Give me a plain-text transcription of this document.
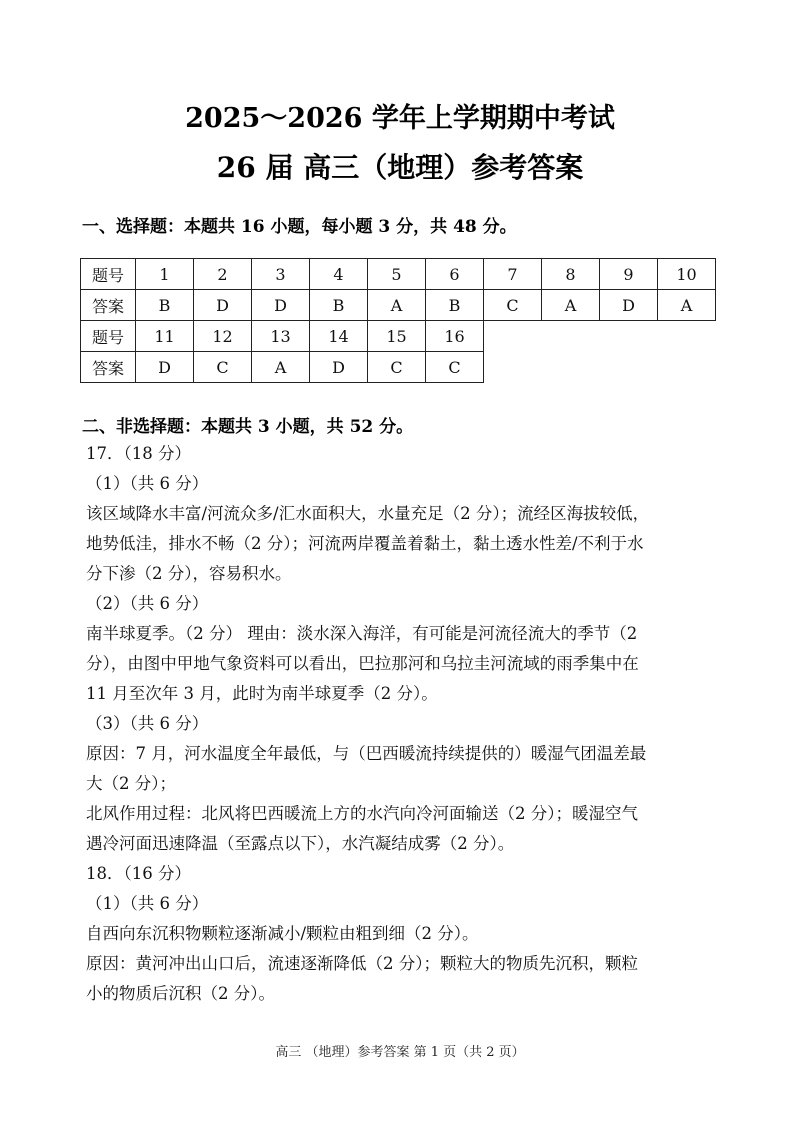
2025～2026 学年上学期期中考试
26 届 高三（地理）参考答案
一、选择题：本题共 16 小题，每小题 3 分，共 48 分。
题号	1	2	3	4	5	6	7	8	9	10
答案	B	D	D	B	A	B	C	A	D	A
题号	11	12	13	14	15	16
答案	D	C	A	D	C	C
二、非选择题：本题共 3 小题，共 52 分。
17．（18 分）
（1）（共 6 分）
该区域降水丰富/河流众多/汇水面积大，水量充足（2 分）；流经区海拔较低，
地势低洼，排水不畅（2 分）；河流两岸覆盖着黏土，黏土透水性差/不利于水
分下渗（2 分），容易积水。
（2）（共 6 分）
南半球夏季。（2 分） 理由：淡水深入海洋，有可能是河流径流大的季节（2
分），由图中甲地气象资料可以看出，巴拉那河和乌拉圭河流域的雨季集中在
11 月至次年 3 月，此时为南半球夏季（2 分）。
（3）（共 6 分）
原因：7 月，河水温度全年最低，与（巴西暖流持续提供的）暖湿气团温差最
大（2 分）；
北风作用过程：北风将巴西暖流上方的水汽向冷河面输送（2 分）；暖湿空气
遇冷河面迅速降温（至露点以下），水汽凝结成雾（2 分）。
18．（16 分）
（1）（共 6 分）
自西向东沉积物颗粒逐渐减小/颗粒由粗到细（2 分）。
原因：黄河冲出山口后，流速逐渐降低（2 分）；颗粒大的物质先沉积，颗粒
小的物质后沉积（2 分）。
高三 （地理）参考答案 第 1 页（共 2 页）
